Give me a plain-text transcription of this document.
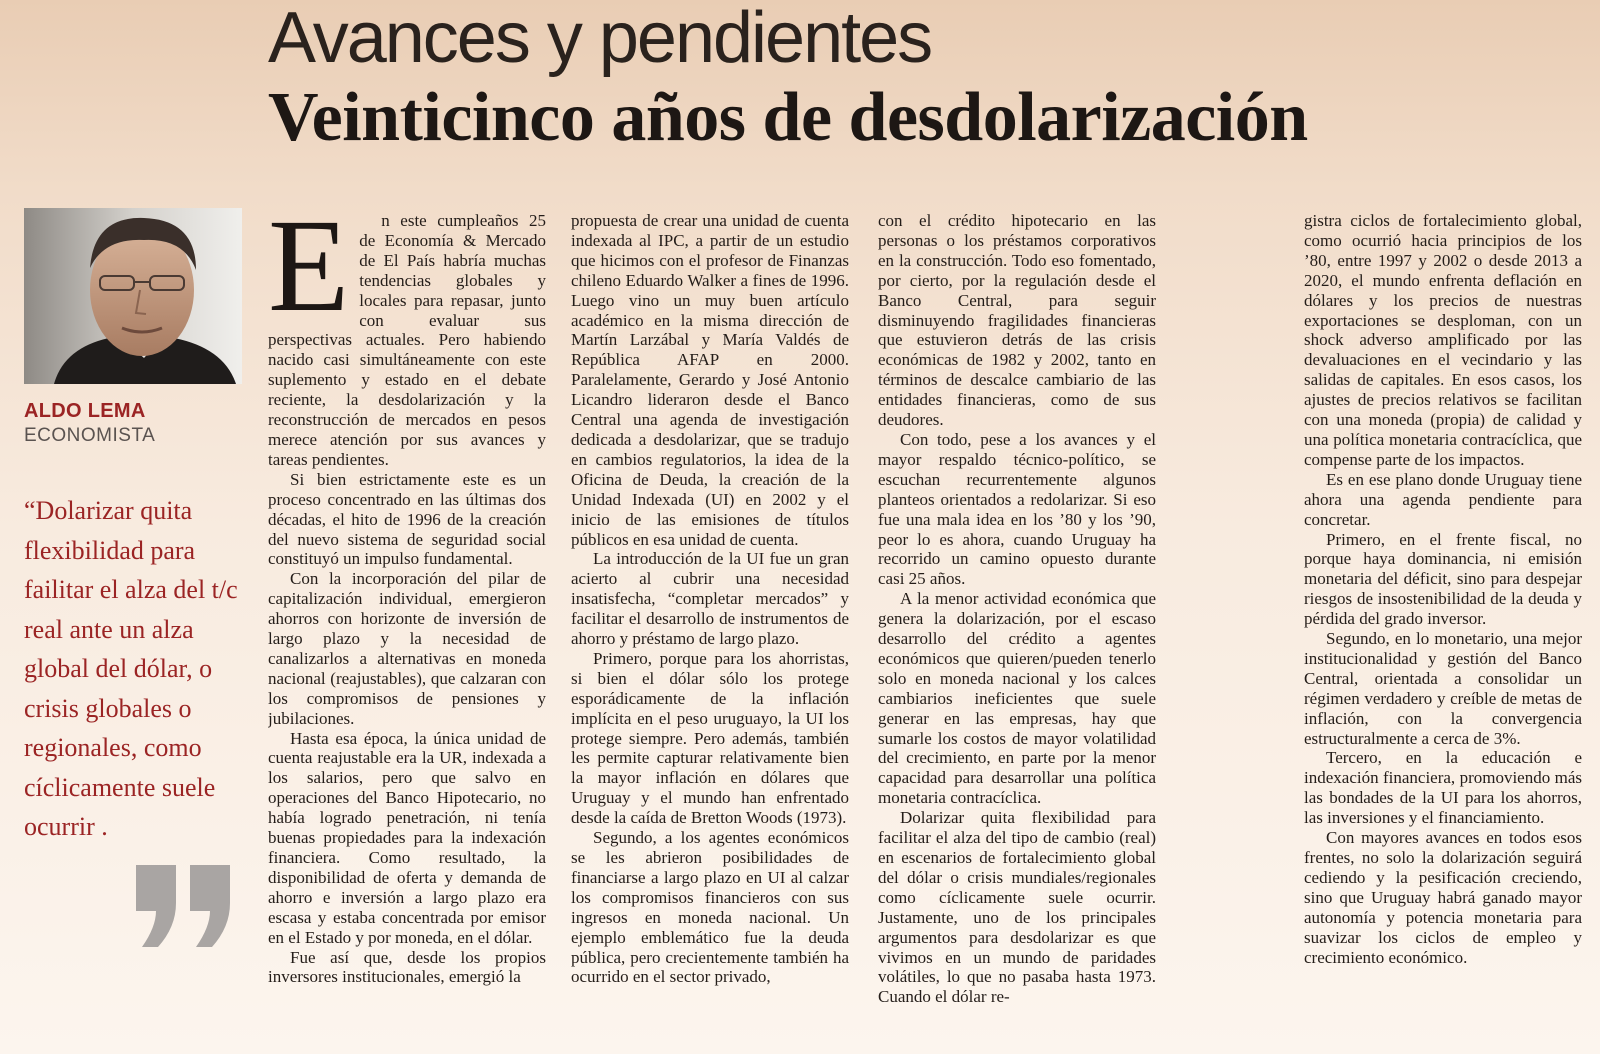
Avances y pendientes
Veinticinco años de desdolarización
ALDO LEMA
ECONOMISTA
“Dolarizar quita flexibilidad para failitar el alza del t/c real ante un alza global del dólar, o crisis globales o regionales, como cíclicamente suele ocurrir .
E	n este cumpleaños 25 de Economía & Mercado de El País habría muchas tendencias globales y locales para repasar, junto con evaluar sus perspectivas actuales. Pero habiendo nacido casi simultáneamente con este suplemento y estado en el debate reciente, la desdolarización y la reconstrucción de mercados en pesos merece atención por sus avances y tareas pendientes.

Si bien estrictamente este es un proceso concentrado en las últimas dos décadas, el hito de 1996 de la creación del nuevo sistema de seguridad social constituyó un impulso fundamental.

Con la incorporación del pilar de capitalización individual, emergieron ahorros con horizonte de inversión de largo plazo y la necesidad de canalizarlos a alternativas en moneda nacional (reajustables), que calzaran con los compromisos de pensiones y jubilaciones.

Hasta esa época, la única unidad de cuenta reajustable era la UR, indexada a los salarios, pero que salvo en operaciones del Banco Hipotecario, no había logrado penetración, ni tenía buenas propiedades para la indexación financiera. Como resultado, la disponibilidad de oferta y demanda de ahorro e inversión a largo plazo era escasa y estaba concentrada por emisor en el Estado y por moneda, en el dólar.

Fue así que, desde los propios inversores institucionales, emergió la

propuesta de crear una unidad de cuenta indexada al IPC, a partir de un estudio que hicimos con el profesor de Finanzas chileno Eduardo Walker a fines de 1996. Luego vino un muy buen artículo académico en la misma dirección de Martín Larzábal y María Valdés de República AFAP en 2000. Paralelamente, Gerardo y José Antonio Licandro lideraron desde el Banco Central una agenda de investigación dedicada a desdolarizar, que se tradujo en cambios regulatorios, la idea de la Oficina de Deuda, la creación de la Unidad Indexada (UI) en 2002 y el inicio de las emisiones de títulos públicos en esa unidad de cuenta.

La introducción de la UI fue un gran acierto al cubrir una necesidad insatisfecha, “completar mercados” y facilitar el desarrollo de instrumentos de ahorro y préstamo de largo plazo.

Primero, porque para los ahorristas, si bien el dólar sólo los protege esporádicamente de la inflación implícita en el peso uruguayo, la UI los protege siempre. Pero además, también les permite capturar relativamente bien la mayor inflación en dólares que Uruguay y el mundo han enfrentado desde la caída de Bretton Woods (1973).

Segundo, a los agentes económicos se les abrieron posibilidades de financiarse a largo plazo en UI al calzar los compromisos financieros con sus ingresos en moneda nacional. Un ejemplo emblemático fue la deuda pública, pero crecientemente también ha ocurrido en el sector privado,

con el crédito hipotecario en las personas o los préstamos corporativos en la construcción. Todo eso fomentado, por cierto, por la regulación desde el Banco Central, para seguir disminuyendo fragilidades financieras que estuvieron detrás de las crisis económicas de 1982 y 2002, tanto en términos de descalce cambiario de las entidades financieras, como de sus deudores.

Con todo, pese a los avances y el mayor respaldo técnico-político, se escuchan recurrentemente algunos planteos orientados a redolarizar. Si eso fue una mala idea en los ’80 y los ’90, peor lo es ahora, cuando Uruguay ha recorrido un camino opuesto durante casi 25 años.

A la menor actividad económica que genera la dolarización, por el escaso desarrollo del crédito a agentes económicos que quieren/pueden tenerlo solo en moneda nacional y los calces cambiarios ineficientes que suele generar en las empresas, hay que sumarle los costos de mayor volatilidad del crecimiento, en parte por la menor capacidad para desarrollar una política monetaria contracíclica.

Dolarizar quita flexibilidad para facilitar el alza del tipo de cambio (real) en escenarios de fortalecimiento global del dólar o crisis mundiales/regionales como cíclicamente suele ocurrir. Justamente, uno de los principales argumentos para desdolarizar es que vivimos en un mundo de paridades volátiles, lo que no pasaba hasta 1973. Cuando el dólar re-

gistra ciclos de fortalecimiento global, como ocurrió hacia principios de los ’80, entre 1997 y 2002 o desde 2013 a 2020, el mundo enfrenta deflación en dólares y los precios de nuestras exportaciones se desploman, con un shock adverso amplificado por las devaluaciones en el vecindario y las salidas de capitales. En esos casos, los ajustes de precios relativos se facilitan con una moneda (propia) de calidad y una política monetaria contracíclica, que compense parte de los impactos.

Es en ese plano donde Uruguay tiene ahora una agenda pendiente para concretar.

Primero, en el frente fiscal, no porque haya dominancia, ni emisión monetaria del déficit, sino para despejar riesgos de insostenibilidad de la deuda y pérdida del grado inversor.

Segundo, en lo monetario, una mejor institucionalidad y gestión del Banco Central, orientada a consolidar un régimen verdadero y creíble de metas de inflación, con la convergencia estructuralmente a cerca de 3%.

Tercero, en la educación e indexación financiera, promoviendo más las bondades de la UI para los ahorros, las inversiones y el financiamiento.

Con mayores avances en todos esos frentes, no solo la dolarización seguirá cediendo y la pesificación creciendo, sino que Uruguay habrá ganado mayor autonomía y potencia monetaria para suavizar los ciclos de empleo y crecimiento económico.
